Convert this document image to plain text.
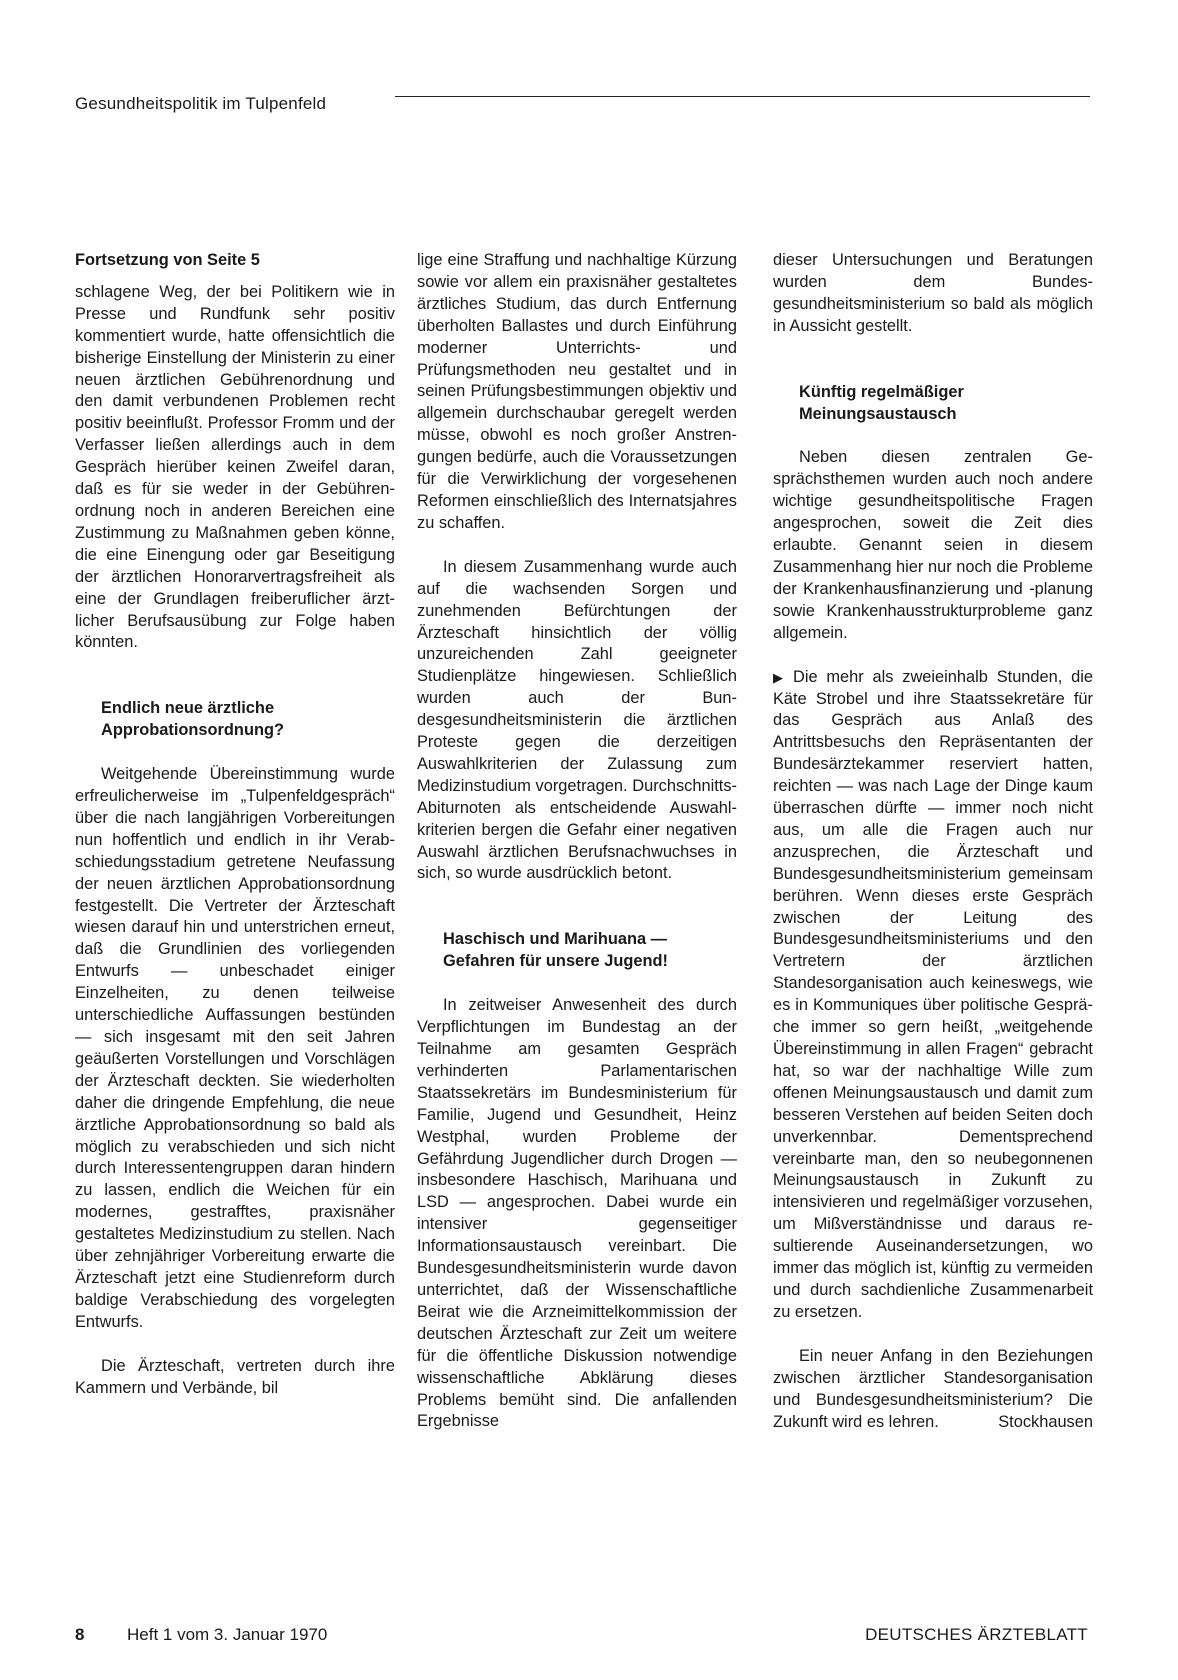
Gesundheitspolitik im Tulpenfeld
Fortsetzung von Seite 5

schlagene Weg, der bei Politikern wie in Presse und Rundfunk sehr positiv kommentiert wurde, hatte offensichtlich die bisherige Einstellung der Ministerin zu einer neuen ärztlichen Gebührenordnung und den damit verbundenen Problemen recht positiv beeinflußt. Professor Fromm und der Verfasser ließen allerdings auch in dem Gespräch hierüber keinen Zweifel daran, daß es für sie weder in der Gebührenordnung noch in anderen Bereichen eine Zustimmung zu Maßnahmen geben könne, die eine Einengung oder gar Beseitigung der ärztlichen Honorarvertragsfreiheit als eine der Grundlagen freiberuflicher ärztlicher Berufsausübung zur Folge haben könnten.

Endlich neue ärztliche Approbationsordnung?

Weitgehende Übereinstimmung wurde erfreulicherweise im „Tulpenfeldgespräch“ über die nach langjährigen Vorbereitungen nun hoffentlich und endlich in ihr Verabschiedungsstadium getretene Neufassung der neuen ärztlichen Approbationsordnung festgestellt. Die Vertreter der Ärzteschaft wiesen darauf hin und unterstrichen erneut, daß die Grundlinien des vorliegenden Entwurfs — unbeschadet einiger Einzelheiten, zu denen teilweise unterschiedliche Auffassungen bestünden — sich insgesamt mit den seit Jahren geäußerten Vorstellungen und Vorschlägen der Ärzteschaft deckten. Sie wiederholten daher die dringende Empfehlung, die neue ärztliche Approbationsordnung so bald als möglich zu verabschieden und sich nicht durch Interessentengruppen daran hindern zu lassen, endlich die Weichen für ein modernes, gestrafftes, praxisnäher gestaltetes Medizinstudium zu stellen. Nach über zehnjähriger Vorbereitung erwarte die Ärzteschaft jetzt eine Studienreform durch baldige Verabschiedung des vorgelegten Entwurfs.

Die Ärzteschaft, vertreten durch ihre Kammern und Verbände, bil

lige eine Straffung und nachhaltige Kürzung sowie vor allem ein praxisnäher gestaltetes ärztliches Studium, das durch Entfernung überholten Ballastes und durch Einführung moderner Unterrichts- und Prüfungsmethoden neu gestaltet und in seinen Prüfungsbestimmungen objektiv und allgemein durchschaubar geregelt werden müsse, obwohl es noch großer Anstrengungen bedürfe, auch die Voraussetzungen für die Verwirklichung der vorgesehenen Reformen einschließlich des Internatsjahres zu schaffen.

In diesem Zusammenhang wurde auch auf die wachsenden Sorgen und zunehmenden Befürchtungen der Ärzteschaft hinsichtlich der völlig unzureichenden Zahl geeigneter Studienplätze hingewiesen. Schließlich wurden auch der Bundesgesundheitsministerin die ärztlichen Proteste gegen die derzeitigen Auswahlkriterien der Zulassung zum Medizinstudium vorgetragen. Durchschnitts-Abiturnoten als entscheidende Auswahlkriterien bergen die Gefahr einer negativen Auswahl ärztlichen Berufsnachwuchses in sich, so wurde ausdrücklich betont.

Haschisch und Marihuana — Gefahren für unsere Jugend!

In zeitweiser Anwesenheit des durch Verpflichtungen im Bundestag an der Teilnahme am gesamten Gespräch verhinderten Parlamentarischen Staatssekretärs im Bundesministerium für Familie, Jugend und Gesundheit, Heinz Westphal, wurden Probleme der Gefährdung Jugendlicher durch Drogen — insbesondere Haschisch, Marihuana und LSD — angesprochen. Dabei wurde ein intensiver gegenseitiger Informationsaustausch vereinbart. Die Bundesgesundheitsministerin wurde davon unterrichtet, daß der Wissenschaftliche Beirat wie die Arzneimittelkommission der deutschen Ärzteschaft zur Zeit um weitere für die öffentliche Diskussion notwendige wissenschaftliche Abklärung dieses Problems bemüht sind. Die anfallenden Ergebnisse

dieser Untersuchungen und Beratungen wurden dem Bundesgesundheitsministerium so bald als möglich in Aussicht gestellt.

Künftig regelmäßiger Meinungsaustausch

Neben diesen zentralen Gesprächsthemen wurden auch noch andere wichtige gesundheitspolitische Fragen angesprochen, soweit die Zeit dies erlaubte. Genannt seien in diesem Zusammenhang hier nur noch die Probleme der Krankenhausfinanzierung und -planung sowie Krankenhausstrukturprobleme ganz allgemein.

▶ Die mehr als zweieinhalb Stunden, die Käte Strobel und ihre Staatssekretäre für das Gespräch aus Anlaß des Antrittsbesuchs den Repräsentanten der Bundesärztekammer reserviert hatten, reichten — was nach Lage der Dinge kaum überraschen dürfte — immer noch nicht aus, um alle die Fragen auch nur anzusprechen, die Ärzteschaft und Bundesgesundheitsministerium gemeinsam berühren. Wenn dieses erste Gespräch zwischen der Leitung des Bundesgesundheitsministeriums und den Vertretern der ärztlichen Standesorganisation auch keineswegs, wie es in Kommuniques über politische Gespräche immer so gern heißt, „weitgehende Übereinstimmung in allen Fragen“ gebracht hat, so war der nachhaltige Wille zum offenen Meinungsaustausch und damit zum besseren Verstehen auf beiden Seiten doch unverkennbar. Dementsprechend vereinbarte man, den so neubegonnenen Meinungsaustausch in Zukunft zu intensivieren und regelmäßiger vorzusehen, um Mißverständnisse und daraus resultierende Auseinandersetzungen, wo immer das möglich ist, künftig zu vermeiden und durch sachdienliche Zusammenarbeit zu ersetzen.

Ein neuer Anfang in den Beziehungen zwischen ärztlicher Standesorganisation und Bundesgesundheitsministerium? Die Zukunft wird es lehren.	Stockhausen

8	Heft 1 vom 3. Januar 1970	DEUTSCHES ÄRZTEBLATT
